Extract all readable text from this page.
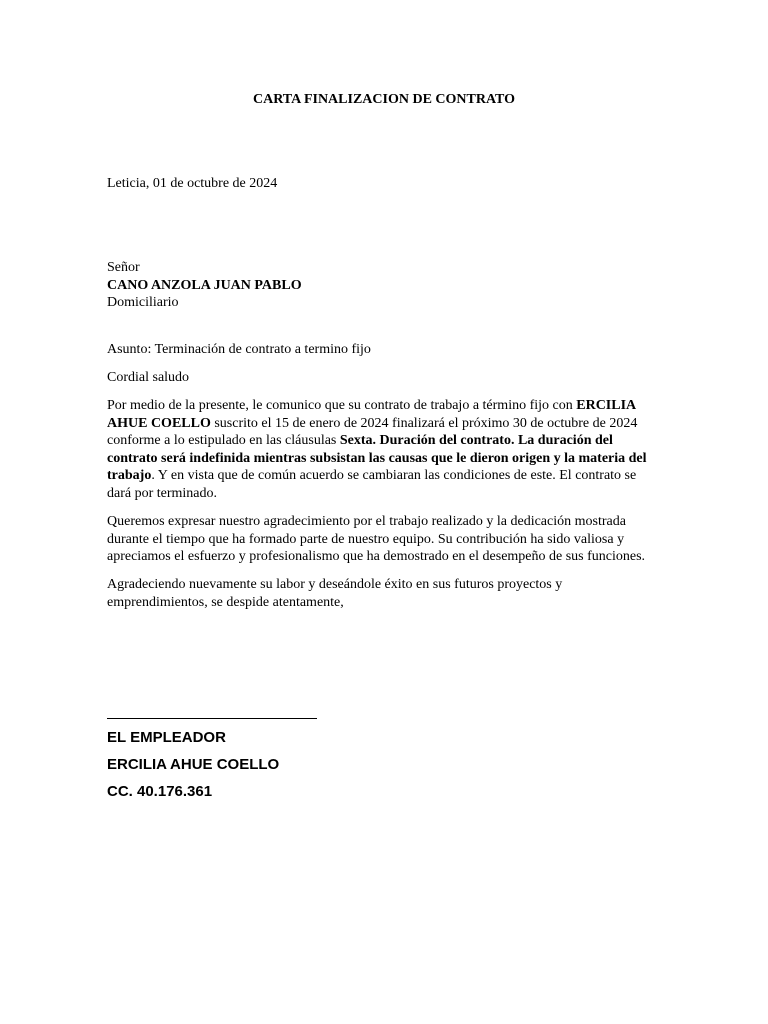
CARTA FINALIZACION DE CONTRATO
Leticia, 01 de octubre de 2024
Señor
CANO ANZOLA JUAN PABLO
Domiciliario
Asunto: Terminación de contrato a termino fijo
Cordial saludo
Por medio de la presente, le comunico que su contrato de trabajo a término fijo con ERCILIA AHUE COELLO suscrito el 15 de enero de 2024 finalizará el próximo 30 de octubre de 2024 conforme a lo estipulado en las cláusulas Sexta. Duración del contrato. La duración del contrato será indefinida mientras subsistan las causas que le dieron origen y la materia del trabajo. Y en vista que de común acuerdo se cambiaran las condiciones de este. El contrato se dará por terminado.
Queremos expresar nuestro agradecimiento por el trabajo realizado y la dedicación mostrada durante el tiempo que ha formado parte de nuestro equipo. Su contribución ha sido valiosa y apreciamos el esfuerzo y profesionalismo que ha demostrado en el desempeño de sus funciones.
Agradeciendo nuevamente su labor y deseándole éxito en sus futuros proyectos y emprendimientos, se despide atentamente,
EL EMPLEADOR
ERCILIA AHUE COELLO
CC. 40.176.361
